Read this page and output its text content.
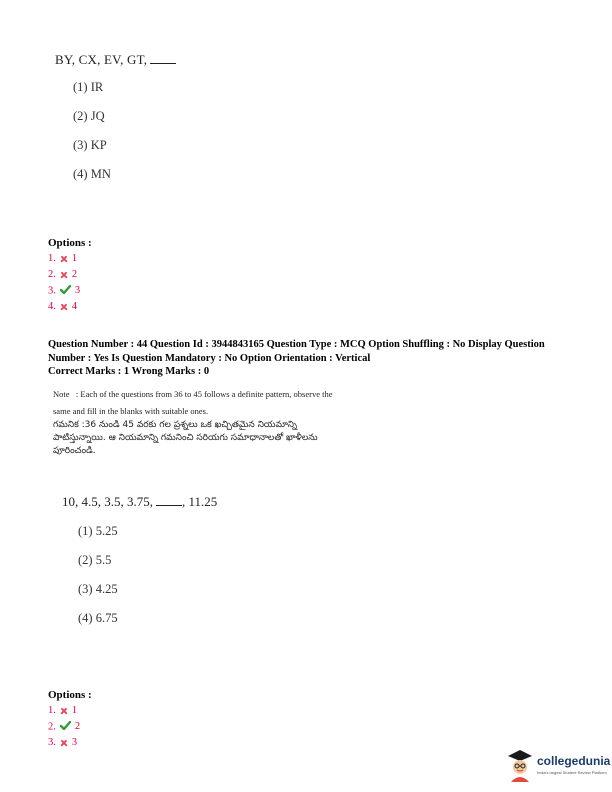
BY, CX, EV, GT,
(1) IR
(2) JQ
(3) KP
(4) MN
Options :
1. 1
2. 2
3. 3
4. 4
Question Number : 44 Question Id : 3944843165 Question Type : MCQ Option Shuffling : No Display Question
Number : Yes Is Question Mandatory : No Option Orientation : Vertical
Correct Marks : 1 Wrong Marks : 0
Note : Each of the questions from 36 to 45 follows a definite pattern, observe the
same and fill in the blanks with suitable ones.
గమనిక :36 నుండి 45 వరకు గల ప్రశ్నలు ఒక ఖచ్చితమైన నియమాన్ని
పాటిస్తున్నాయి. ఆ నియమాన్ని గమనించి సరియగు సమాధానాలతో ఖాళీలను
పూరించండి.
10, 4.5, 3.5, 3.75, , 11.25
(1) 5.25
(2) 5.5
(3) 4.25
(4) 6.75
Options :
1. 1
2. 2
3. 3
collegedunia
India's largest Student Review Platform
